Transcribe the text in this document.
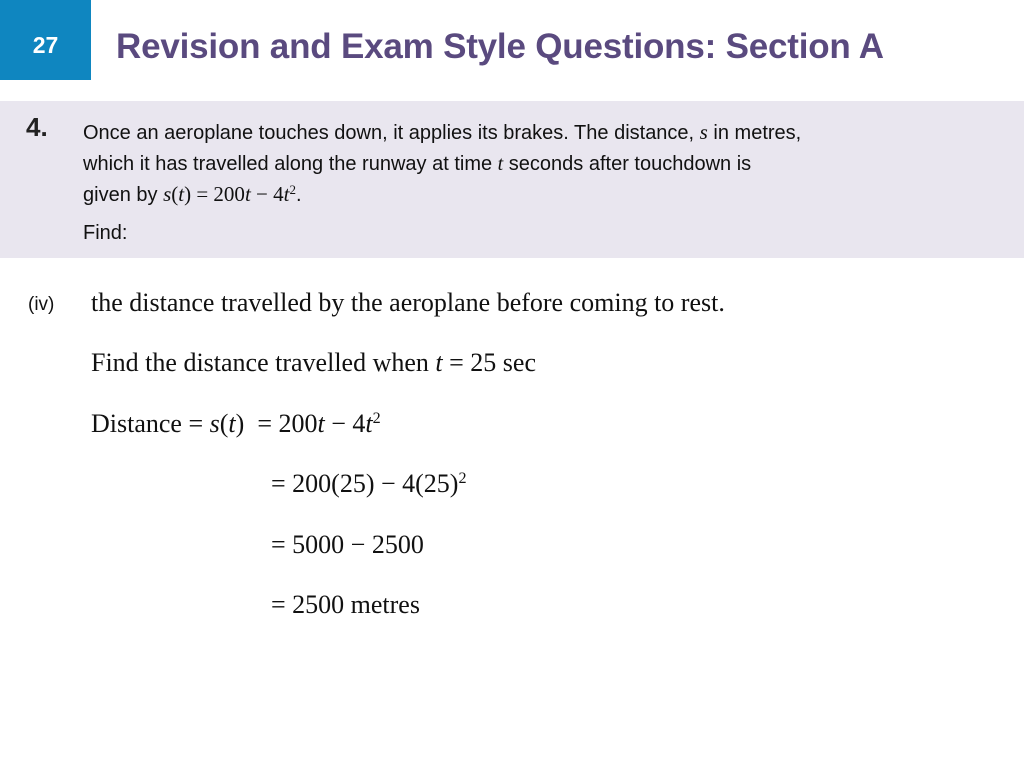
27 Revision and Exam Style Questions: Section A
4. Once an aeroplane touches down, it applies its brakes. The distance, s in metres,
which it has travelled along the runway at time t seconds after touchdown is
given by $s(t) = 200t - 4t^2$.
Find:
(iv) the distance travelled by the aeroplane before coming to rest.
Find the distance travelled when t = 25 sec
Distance = $s(t) = 200t - 4t^2$
= $200(25) - 4(25)^2$
= 5000 − 2500
= 2500 metres
